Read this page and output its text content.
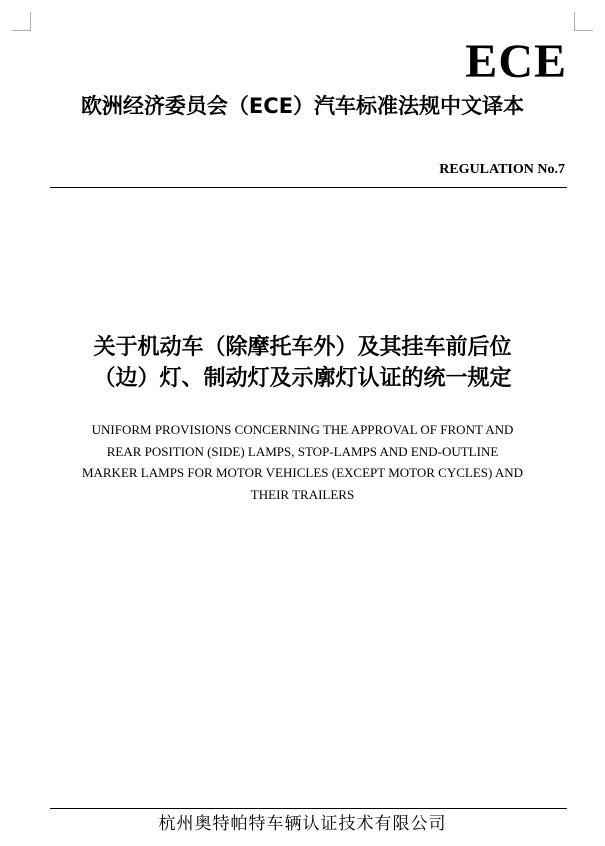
ECE
欧洲经济委员会（ECE）汽车标准法规中文译本
REGULATION No.7
关于机动车（除摩托车外）及其挂车前后位
（边）灯、制动灯及示廓灯认证的统一规定
UNIFORM PROVISIONS CONCERNING THE APPROVAL OF FRONT AND
REAR POSITION (SIDE) LAMPS, STOP-LAMPS AND END-OUTLINE
MARKER LAMPS FOR MOTOR VEHICLES (EXCEPT MOTOR CYCLES) AND
THEIR TRAILERS
杭州奥特帕特车辆认证技术有限公司
